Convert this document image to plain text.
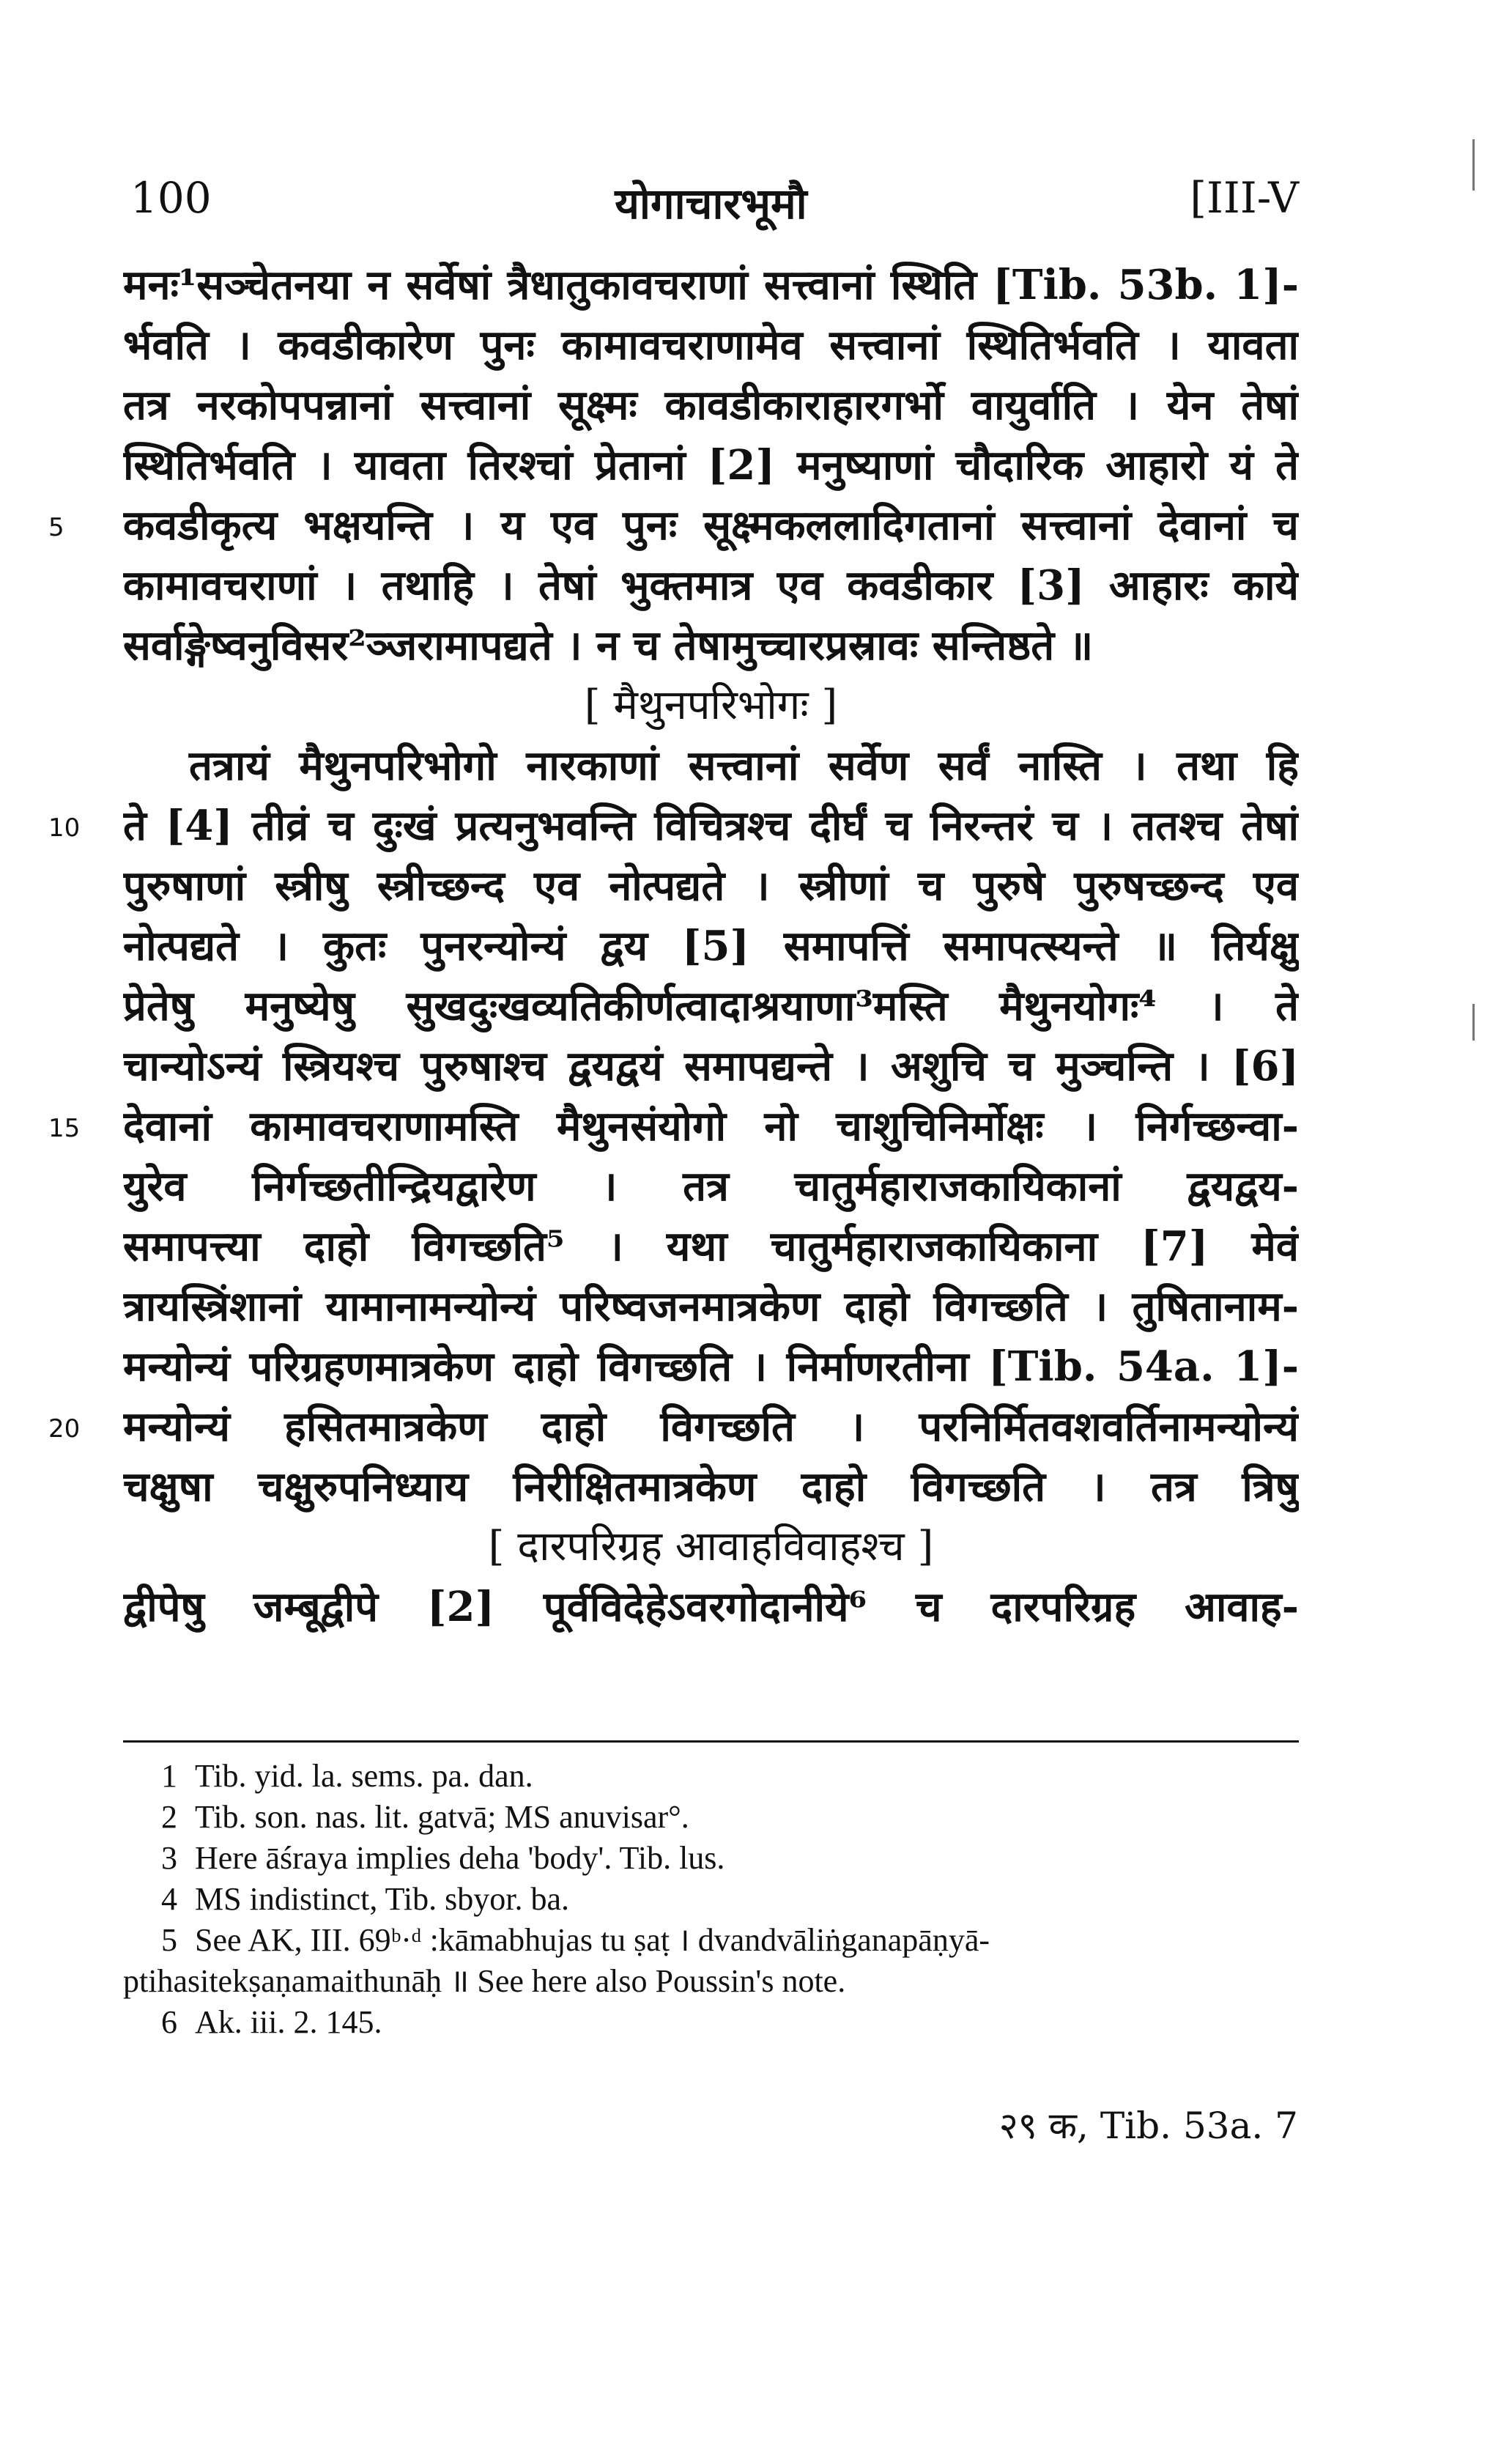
100	योगाचारभूमौ	[III-V
मनः¹सञ्चेतनया न सर्वेषां त्रैधातुकावचराणां सत्त्वानां स्थिति [Tib. 53b. 1]-
र्भवति । कवडीकारेण पुनः कामावचराणामेव सत्त्वानां स्थितिर्भवति । यावता
तत्र नरकोपपन्नानां सत्त्वानां सूक्ष्मः कावडीकाराहारगर्भो वायुर्वाति । येन तेषां
स्थितिर्भवति । यावता तिरश्चां प्रेतानां [2] मनुष्याणां चौदारिक आहारो यं ते
कवडीकृत्य भक्षयन्ति । य एव पुनः सूक्ष्मकललादिगतानां सत्त्वानां देवानां च
कामावचराणां । तथाहि । तेषां भुक्तमात्र एव कवडीकार [3] आहारः काये
सर्वाङ्गेष्वनुविसर²ञ्जरामापद्यते । न च तेषामुच्चारप्रस्रावः सन्तिष्ठते ॥
[ मैथुनपरिभोगः ]
तत्रायं मैथुनपरिभोगो नारकाणां सत्त्वानां सर्वेण सर्वं नास्ति । तथा हि
ते [4] तीव्रं च दुःखं प्रत्यनुभवन्ति विचित्रश्च दीर्घं च निरन्तरं च । ततश्च तेषां
पुरुषाणां स्त्रीषु स्त्रीच्छन्द एव नोत्पद्यते । स्त्रीणां च पुरुषे पुरुषच्छन्द एव
नोत्पद्यते । कुतः पुनरन्योन्यं द्वय [5] समापत्तिं समापत्स्यन्ते ॥ तिर्यक्षु
प्रेतेषु मनुष्येषु सुखदुःखव्यतिकीर्णत्वादाश्रयाणा³मस्ति मैथुनयोगः⁴ । ते
चान्योऽन्यं स्त्रियश्च पुरुषाश्च द्वयद्वयं समापद्यन्ते । अशुचि च मुञ्चन्ति । [6]
देवानां कामावचराणामस्ति मैथुनसंयोगो नो चाशुचिनिर्मोक्षः । निर्गच्छन्वा-
युरेव निर्गच्छतीन्द्रियद्वारेण । तत्र चातुर्महाराजकायिकानां द्वयद्वय-
समापत्त्या दाहो विगच्छति⁵ । यथा चातुर्महाराजकायिकाना [7] मेवं
त्रायस्त्रिंशानां यामानामन्योन्यं परिष्वजनमात्रकेण दाहो विगच्छति । तुषितानाम-
मन्योन्यं परिग्रहणमात्रकेण दाहो विगच्छति । निर्माणरतीना [Tib. 54a. 1]-
मन्योन्यं हसितमात्रकेण दाहो विगच्छति । परनिर्मितवशवर्तिनामन्योन्यं
चक्षुषा चक्षुरुपनिध्याय निरीक्षितमात्रकेण दाहो विगच्छति । तत्र त्रिषु
[ दारपरिग्रह आवाहविवाहश्च ]
द्वीपेषु जम्बूद्वीपे [2] पूर्वविदेहेऽवरगोदानीये⁶ च दारपरिग्रह आवाह-
5
10
15
20
1 Tib. yid. la. sems. pa. dan.
2 Tib. son. nas. lit. gatvā; MS anuvisar°.
3 Here āśraya implies deha 'body'. Tib. lus.
4 MS indistinct, Tib. sbyor. ba.
5 See AK, III. 69ᵇ·ᵈ :kāmabhujas tu ṣaṭ । dvandvāliṅganapāṇyā-
ptihasitekṣaṇamaithunāḥ ॥ See here also Poussin's note.
6 Ak. iii. 2. 145.
२९ क, Tib. 53a. 7
